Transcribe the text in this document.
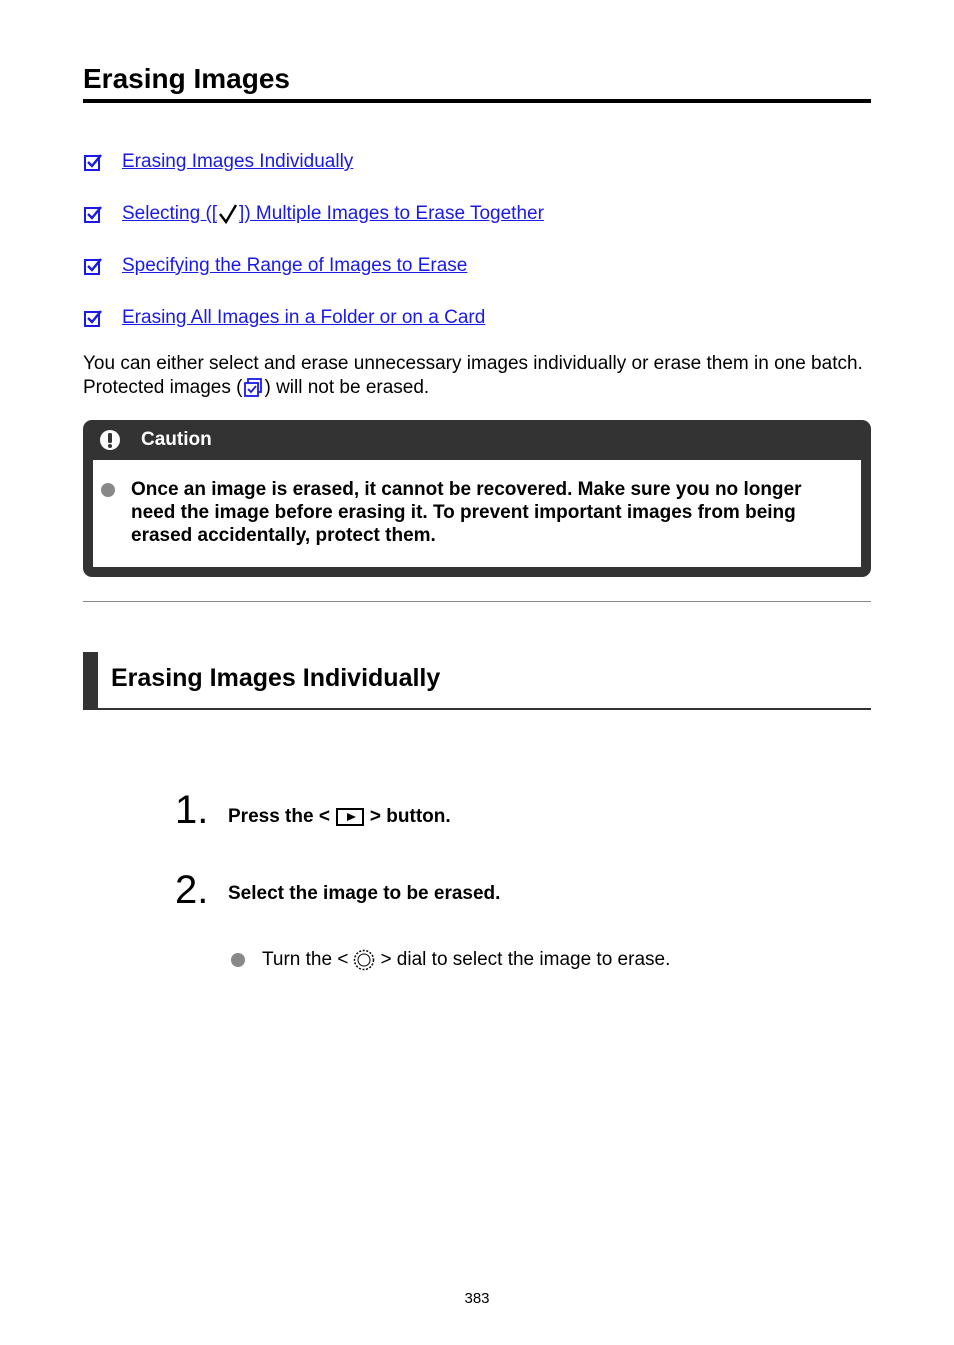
Erasing Images
Erasing Images Individually
Selecting ([ ]) Multiple Images to Erase Together
Specifying the Range of Images to Erase
Erasing All Images in a Folder or on a Card

You can either select and erase unnecessary images individually or erase them in one batch. Protected images ( ) will not be erased.

Caution
Once an image is erased, it cannot be recovered. Make sure you no longer need the image before erasing it. To prevent important images from being erased accidentally, protect them.
Erasing Images Individually
1. Press the < > button.
2. Select the image to be erased.
Turn the < > dial to select the image to erase.
383
